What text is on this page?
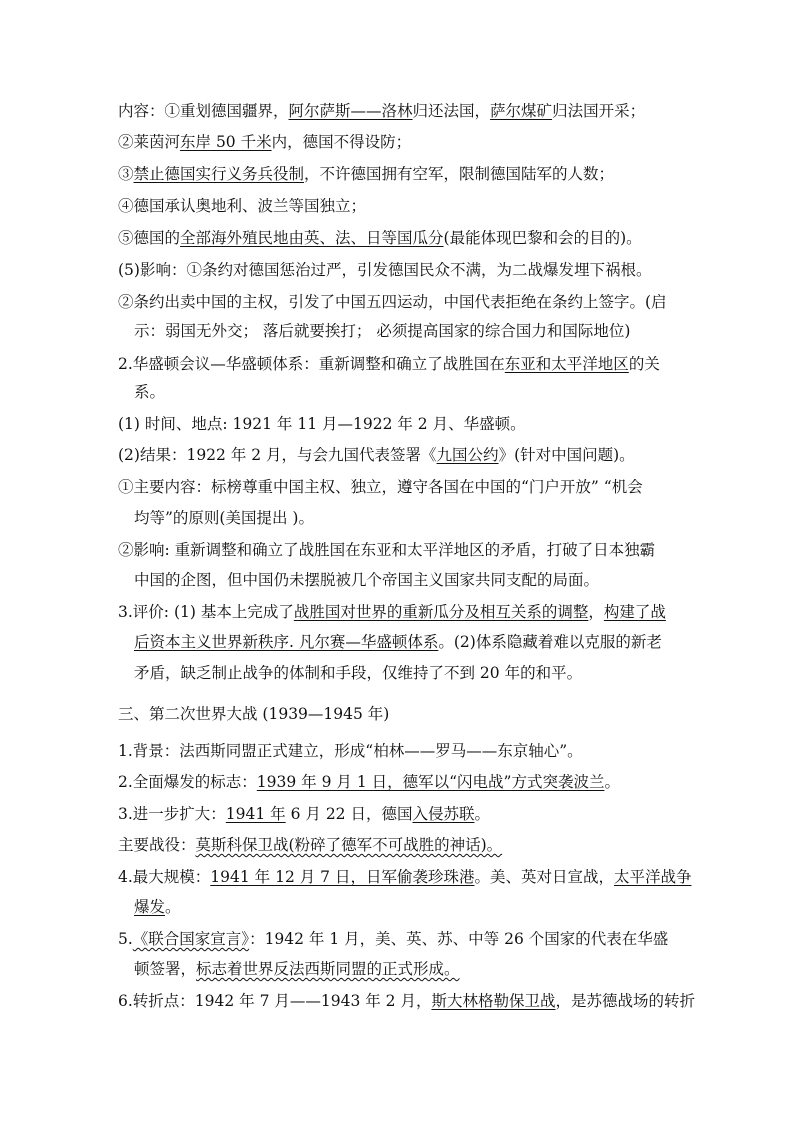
内容：①重划德国疆界，阿尔萨斯——洛林归还法国，萨尔煤矿归法国开采；
②莱茵河东岸 50 千米内，德国不得设防；
③禁止德国实行义务兵役制，不许德国拥有空军，限制德国陆军的人数；
④德国承认奥地利、波兰等国独立；
⑤德国的全部海外殖民地由英、法、日等国瓜分(最能体现巴黎和会的目的)。
(5)影响：①条约对德国惩治过严，引发德国民众不满，为二战爆发埋下祸根。
②条约出卖中国的主权，引发了中国五四运动，中国代表拒绝在条约上签字。(启
示：弱国无外交； 落后就要挨打； 必须提高国家的综合国力和国际地位)
2.华盛顿会议—华盛顿体系：重新调整和确立了战胜国在东亚和太平洋地区的关
系。
(1) 时间、地点: 1921 年 11 月—1922 年 2 月、华盛顿。
(2)结果：1922 年 2 月，与会九国代表签署《九国公约》(针对中国问题)。
①主要内容：标榜尊重中国主权、独立，遵守各国在中国的“门户开放” “机会
均等”的原则(美国提出 )。
②影响: 重新调整和确立了战胜国在东亚和太平洋地区的矛盾，打破了日本独霸
中国的企图，但中国仍未摆脱被几个帝国主义国家共同支配的局面。
3.评价: (1) 基本上完成了战胜国对世界的重新瓜分及相互关系的调整，构建了战
后资本主义世界新秩序. 凡尔赛—华盛顿体系。(2)体系隐藏着难以克服的新老
矛盾，缺乏制止战争的体制和手段，仅维持了不到 20 年的和平。
三、第二次世界大战 (1939—1945 年)
1.背景：法西斯同盟正式建立，形成“柏林——罗马——东京轴心”。
2.全面爆发的标志：1939 年 9 月 1 日，德军以“闪电战”方式突袭波兰。
3.进一步扩大：1941 年 6 月 22 日，德国入侵苏联。
主要战役：莫斯科保卫战(粉碎了德军不可战胜的神话)。
4.最大规模：1941 年 12 月 7 日，日军偷袭珍珠港。美、英对日宣战，太平洋战争
爆发。
5.《联合国家宣言》：1942 年 1 月，美、英、苏、中等 26 个国家的代表在华盛
顿签署，标志着世界反法西斯同盟的正式形成。
6.转折点：1942 年 7 月——1943 年 2 月，斯大林格勒保卫战，是苏德战场的转折
